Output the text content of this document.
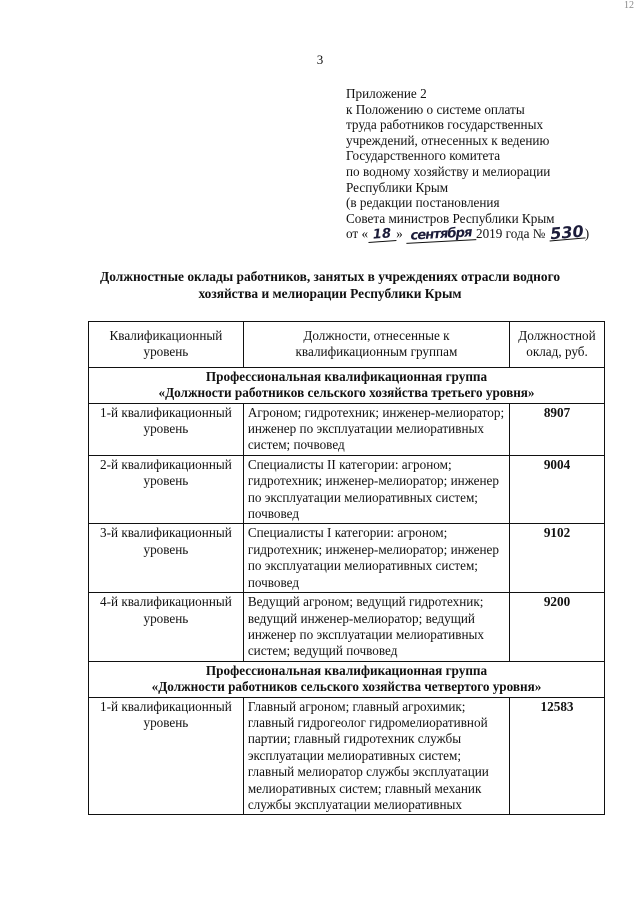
12
3
Приложение 2
к Положению о системе оплаты
труда работников государственных
учреждений, отнесенных к ведению
Государственного комитета
по водному хозяйству и мелиорации
Республики Крым
(в редакции постановления
Совета министров Республики Крым
от « 18 » сентября 2019 года № 530)
Должностные оклады работников, занятых в учреждениях отрасли водного
хозяйства и мелиорации Республики Крым
Квалификационный уровень	Должности, отнесенные к квалификационным группам	Должностной оклад, руб.

Профессиональная квалификационная группа
«Должности работников сельского хозяйства третьего уровня»		

1-й квалификационный уровень	Агроном; гидротехник; инженер-мелиоратор; инженер по эксплуатации мелиоративных систем; почвовед	8907
2-й квалификационный уровень	Специалисты II категории: агроном; гидротехник; инженер-мелиоратор; инженер по эксплуатации мелиоративных систем; почвовед	9004
3-й квалификационный уровень	Специалисты I категории: агроном; гидротехник; инженер-мелиоратор; инженер по эксплуатации мелиоративных систем; почвовед	9102
4-й квалификационный уровень	Ведущий агроном; ведущий гидротехник; ведущий инженер-мелиоратор; ведущий инженер по эксплуатации мелиоративных систем; ведущий почвовед	9200

Профессиональная квалификационная группа
«Должности работников сельского хозяйства четвертого уровня»		

1-й квалификационный уровень	Главный агроном; главный агрохимик; главный гидрогеолог гидромелиоративной партии; главный гидротехник службы эксплуатации мелиоративных систем; главный мелиоратор службы эксплуатации мелиоративных систем; главный механик службы эксплуатации мелиоративных	12583
